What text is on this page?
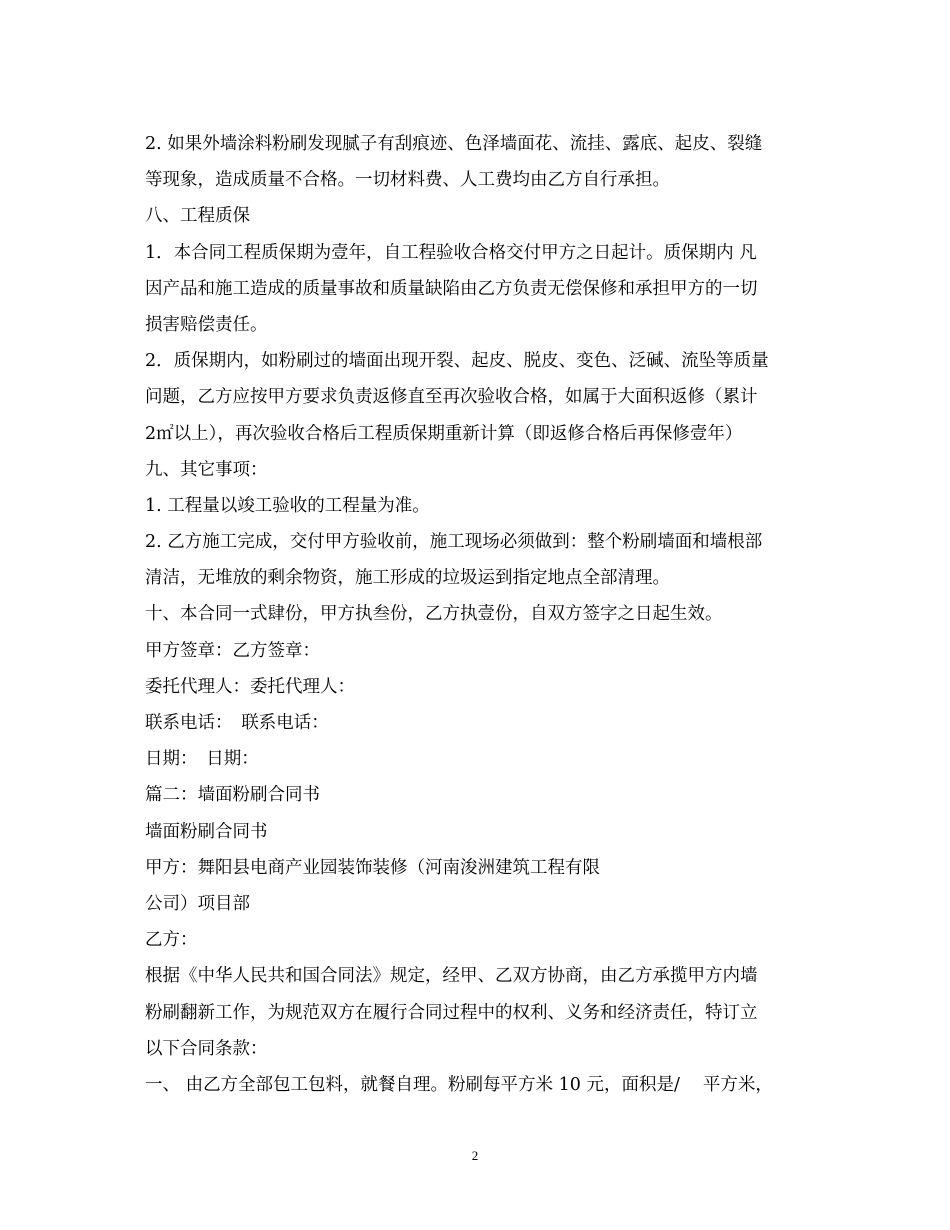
2. 如果外墙涂料粉刷发现腻子有刮痕迹、色泽墙面花、流挂、露底、起皮、裂缝

等现象，造成质量不合格。一切材料费、人工费均由乙方自行承担。

八、工程质保

1．本合同工程质保期为壹年，自工程验收合格交付甲方之日起计。质保期内 凡

因产品和施工造成的质量事故和质量缺陷由乙方负责无偿保修和承担甲方的一切

损害赔偿责任。

2．质保期内，如粉刷过的墙面出现开裂、起皮、脱皮、变色、泛碱、流坠等质量

问题，乙方应按甲方要求负责返修直至再次验收合格，如属于大面积返修（累计

2㎡以上），再次验收合格后工程质保期重新计算（即返修合格后再保修壹年）

九、其它事项：

1. 工程量以竣工验收的工程量为准。

2. 乙方施工完成，交付甲方验收前，施工现场必须做到：整个粉刷墙面和墙根部

清洁，无堆放的剩余物资，施工形成的垃圾运到指定地点全部清理。

十、本合同一式肆份，甲方执叁份，乙方执壹份，自双方签字之日起生效。

甲方签章：乙方签章：

委托代理人：委托代理人：

联系电话：　联系电话：

日期：　日期：

篇二：墙面粉刷合同书

墙面粉刷合同书

甲方：舞阳县电商产业园装饰装修（河南浚洲建筑工程有限

公司）项目部

乙方：

根据《中华人民共和国合同法》规定，经甲、乙双方协商，由乙方承揽甲方内墙

粉刷翻新工作，为规范双方在履行合同过程中的权利、义务和经济责任，特订立

以下合同条款：

一、 由乙方全部包工包料，就餐自理。粉刷每平方米 10 元，面积是/　 平方米，

2
